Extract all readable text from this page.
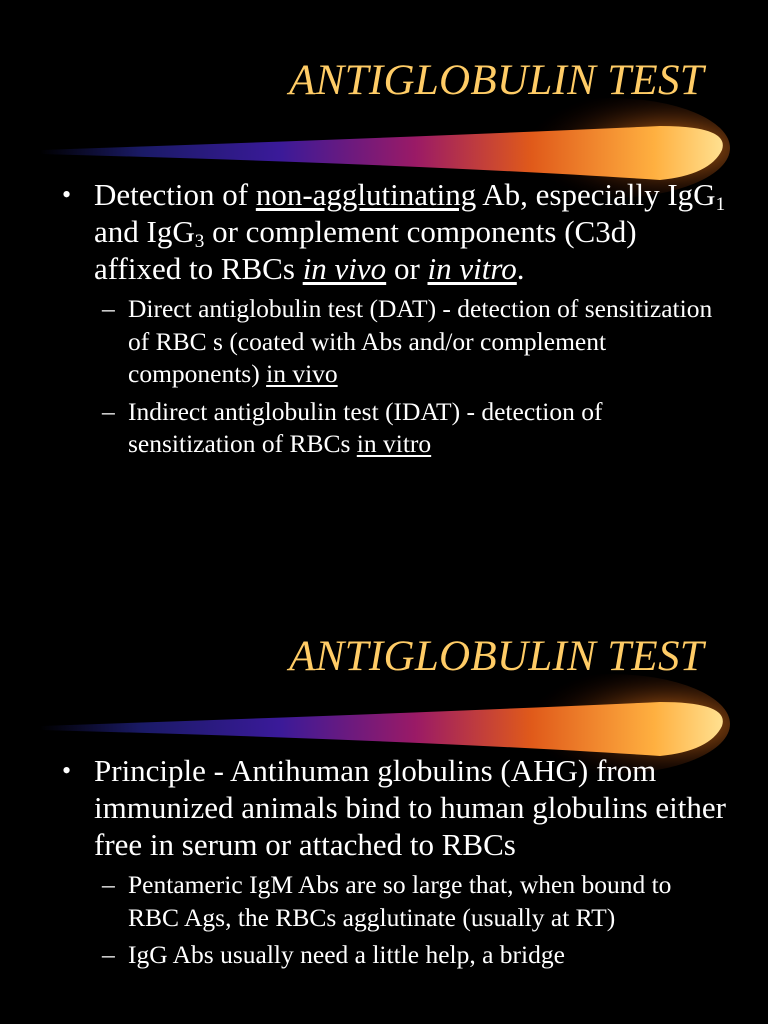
ANTIGLOBULIN TEST
• Detection of non-agglutinating Ab, especially IgG$_1$ and IgG$_3$ or complement components (C3d) affixed to RBCs in vivo or in vitro.
– Direct antiglobulin test (DAT) - detection of sensitization of RBC s (coated with Abs and/or complement components) in vivo
– Indirect antiglobulin test (IDAT) - detection of sensitization of RBCs in vitro
ANTIGLOBULIN TEST
• Principle - Antihuman globulins (AHG) from immunized animals bind to human globulins either free in serum or attached to RBCs
– Pentameric IgM Abs are so large that, when bound to RBC Ags, the RBCs agglutinate (usually at RT)
– IgG Abs usually need a little help, a bridge
